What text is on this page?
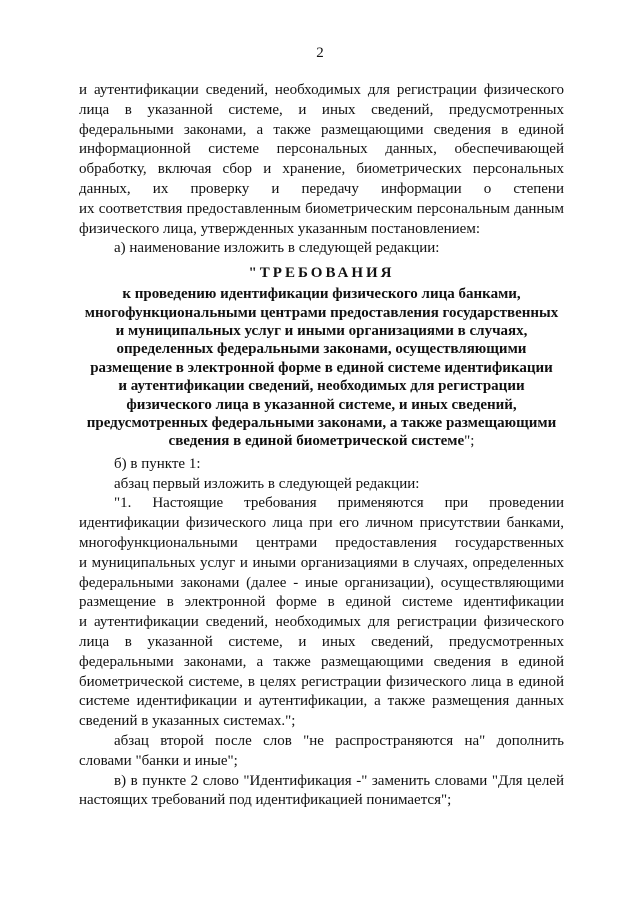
2

и аутентификации сведений, необходимых для регистрации физического

лица в указанной системе, и иных сведений, предусмотренных

федеральными законами, а также размещающими сведения в единой

информационной системе персональных данных, обеспечивающей

обработку, включая сбор и хранение, биометрических персональных

данных, их проверку и передачу информации о степени

их соответствия предоставленным биометрическим персональным данным

физического лица, утвержденных указанным постановлением:

а) наименование изложить в следующей редакции:

"ТРЕБОВАНИЯ

к проведению идентификации физического лица банками,

многофункциональными центрами предоставления государственных

и муниципальных услуг и иными организациями в случаях,

определенных федеральными законами, осуществляющими

размещение в электронной форме в единой системе идентификации

и аутентификации сведений, необходимых для регистрации

физического лица в указанной системе, и иных сведений,

предусмотренных федеральными законами, а также размещающими

сведения в единой биометрической системе";

б) в пункте 1:

абзац первый изложить в следующей редакции:

"1. Настоящие требования применяются при проведении

идентификации физического лица при его личном присутствии банками,

многофункциональными центрами предоставления государственных

и муниципальных услуг и иными организациями в случаях, определенных

федеральными законами (далее - иные организации), осуществляющими

размещение в электронной форме в единой системе идентификации

и аутентификации сведений, необходимых для регистрации физического

лица в указанной системе, и иных сведений, предусмотренных

федеральными законами, а также размещающими сведения в единой

биометрической системе, в целях регистрации физического лица в единой

системе идентификации и аутентификации, а также размещения данных

сведений в указанных системах.";

абзац второй после слов "не распространяются на" дополнить

словами "банки и иные";

в) в пункте 2 слово "Идентификация -" заменить словами "Для целей

настоящих требований под идентификацией понимается";
